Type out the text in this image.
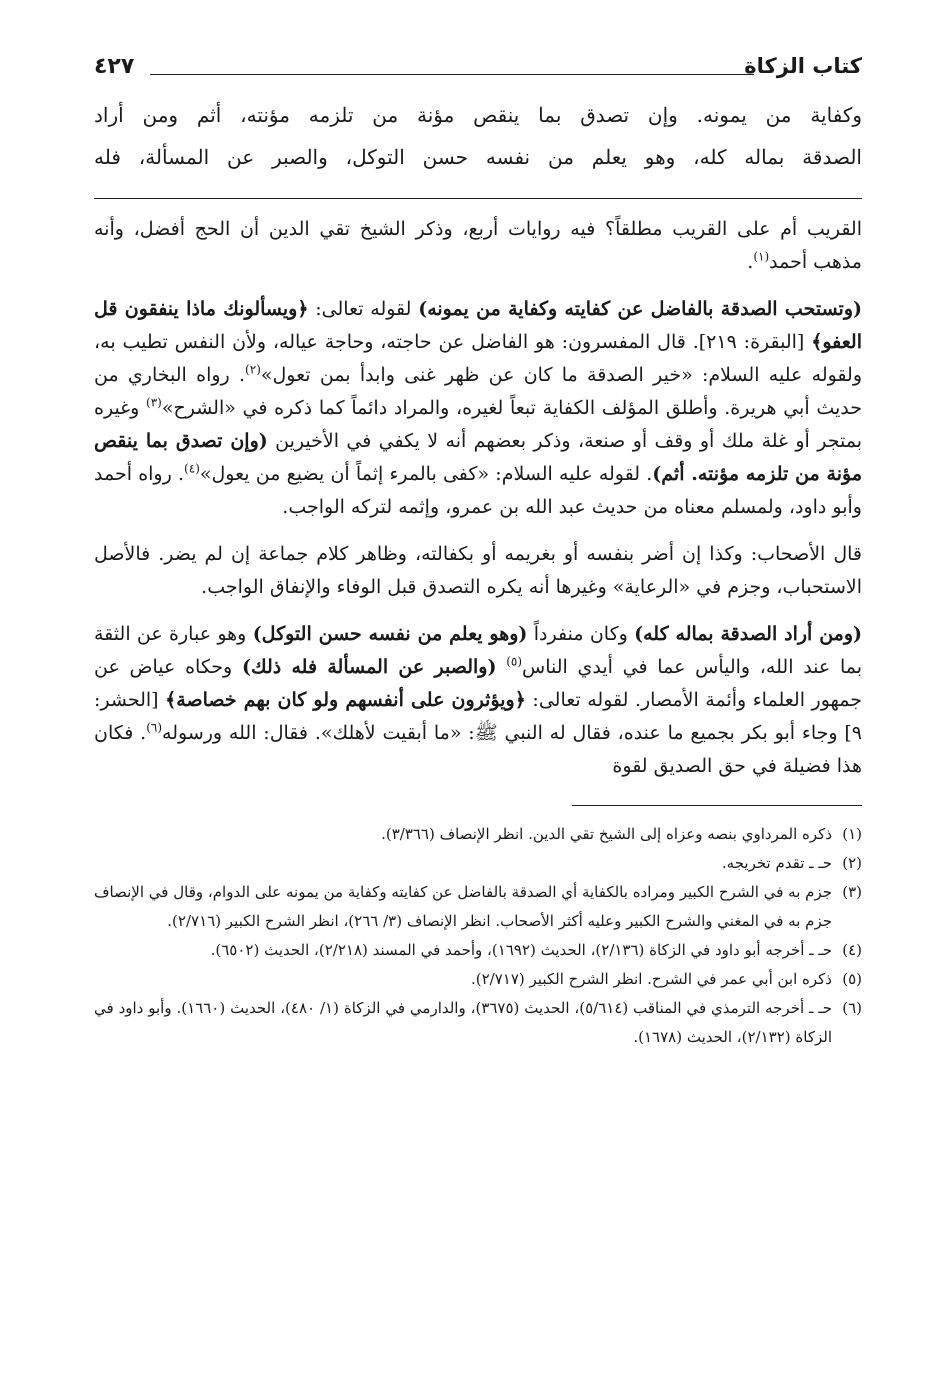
كتاب الزكاة
٤٢٧

وكفاية من يمونه. وإن تصدق بما ينقص مؤنة من تلزمه مؤنته، أثم ومن أراد

الصدقة بماله كله، وهو يعلم من نفسه حسن التوكل، والصبر عن المسألة، فله

القريب أم على القريب مطلقاً؟ فيه روايات أربع، وذكر الشيخ تقي الدين أن الحج أفضل، وأنه مذهب أحمد$^{(١)}$.

(وتستحب الصدقة بالفاضل عن كفايته وكفاية من يمونه) لقوله تعالى: ﴿ويسألونك ماذا ينفقون قل العفو﴾ [البقرة: ٢١٩]. قال المفسرون: هو الفاضل عن حاجته، وحاجة عياله، ولأن النفس تطيب به، ولقوله عليه السلام: «خير الصدقة ما كان عن ظهر غنى وابدأ بمن تعول»$^{(٢)}$. رواه البخاري من حديث أبي هريرة. وأطلق المؤلف الكفاية تبعاً لغيره، والمراد دائماً كما ذكره في «الشرح»$^{(٣)}$ وغيره بمتجر أو غلة ملك أو وقف أو صنعة، وذكر بعضهم أنه لا يكفي في الأخيرين (وإن تصدق بما ينقص مؤنة من تلزمه مؤنته. أثم). لقوله عليه السلام: «كفى بالمرء إثماً أن يضيع من يعول»$^{(٤)}$. رواه أحمد وأبو داود، ولمسلم معناه من حديث عبد الله بن عمرو، وإثمه لتركه الواجب.

قال الأصحاب: وكذا إن أضر بنفسه أو بغريمه أو بكفالته، وظاهر كلام جماعة إن لم يضر. فالأصل الاستحباب، وجزم في «الرعاية» وغيرها أنه يكره التصدق قبل الوفاء والإنفاق الواجب.

(ومن أراد الصدقة بماله كله) وكان منفرداً (وهو يعلم من نفسه حسن التوكل) وهو عبارة عن الثقة بما عند الله، واليأس عما في أيدي الناس$^{(٥)}$ (والصبر عن المسألة فله ذلك) وحكاه عياض عن جمهور العلماء وأئمة الأمصار. لقوله تعالى: ﴿ويؤثرون على أنفسهم ولو كان بهم خصاصة﴾ [الحشر: ٩] وجاء أبو بكر بجميع ما عنده، فقال له النبي ﷺ: «ما أبقيت لأهلك». فقال: الله ورسوله$^{(٦)}$. فكان هذا فضيلة في حق الصديق لقوة

(١)
ذكره المرداوي بنصه وعزاه إلى الشيخ تقي الدين. انظر الإنصاف (٣/٣٦٦).
(٢)
حـ ـ تقدم تخريجه.
(٣)
جزم به في الشرح الكبير ومراده بالكفاية أي الصدقة بالفاضل عن كفايته وكفاية من يمونه على الدوام، وقال في الإنصاف جزم به في المغني والشرح الكبير وعليه أكثر الأصحاب. انظر الإنصاف (٣/ ٢٦٦)، انظر الشرح الكبير (٢/٧١٦).
(٤)
حـ ـ أخرجه أبو داود في الزكاة (٢/١٣٦)، الحديث (١٦٩٢)، وأحمد في المسند (٢/٢١٨)، الحديث (٦٥٠٢).
(٥)
ذكره ابن أبي عمر في الشرح. انظر الشرح الكبير (٢/٧١٧).
(٦)
حـ ـ أخرجه الترمذي في المناقب (٥/٦١٤)، الحديث (٣٦٧٥)، والدارمي في الزكاة (١/ ٤٨٠)، الحديث (١٦٦٠). وأبو داود في الزكاة (٢/١٣٢)، الحديث (١٦٧٨).
